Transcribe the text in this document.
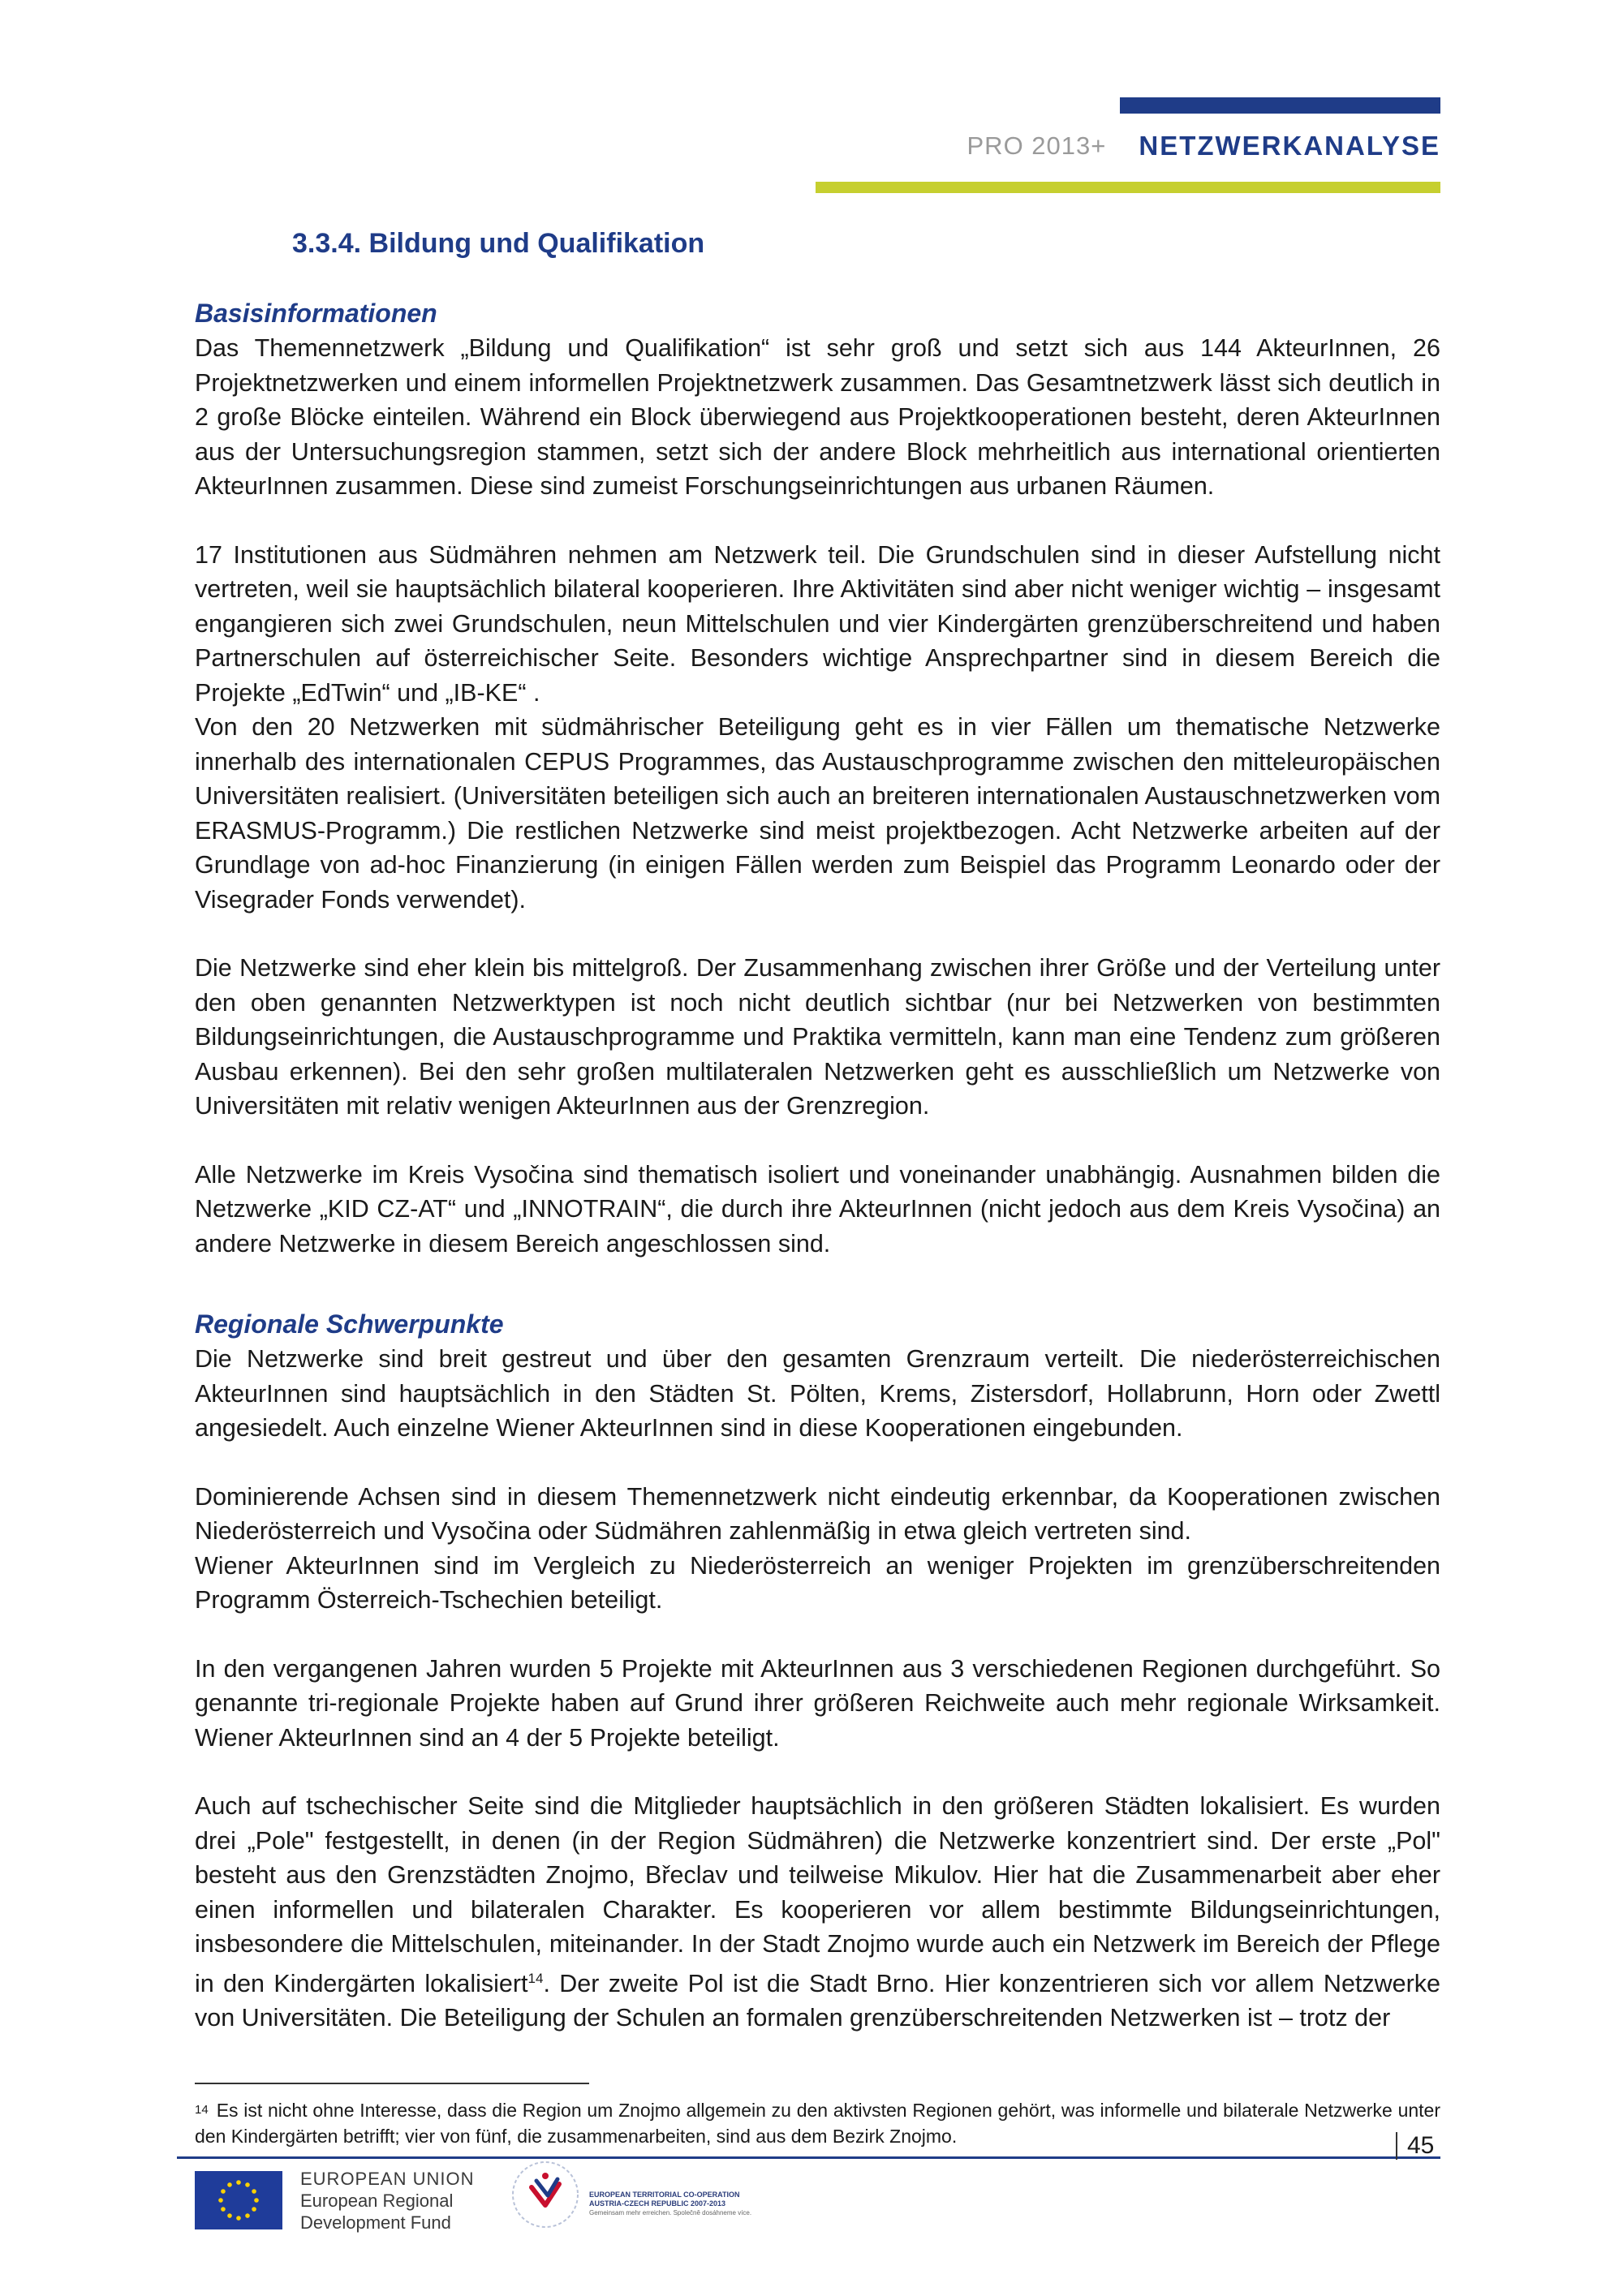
PRO 2013+ NETZWERKANALYSE
3.3.4. Bildung und Qualifikation
Basisinformationen

Das Themennetzwerk „Bildung und Qualifikation“ ist sehr groß und setzt sich aus 144 AkteurInnen, 26 Projektnetzwerken und einem informellen Projektnetzwerk zusammen. Das Gesamtnetzwerk lässt sich deutlich in 2 große Blöcke einteilen. Während ein Block überwiegend aus Projektkooperationen besteht, deren AkteurInnen aus der Untersuchungsregion stammen, setzt sich der andere Block mehrheitlich aus international orientierten AkteurInnen zusammen. Diese sind zumeist Forschungseinrichtungen aus urbanen Räumen.

17 Institutionen aus Südmähren nehmen am Netzwerk teil. Die Grundschulen sind in dieser Aufstellung nicht vertreten, weil sie hauptsächlich bilateral kooperieren. Ihre Aktivitäten sind aber nicht weniger wichtig – insgesamt engangieren sich zwei Grundschulen, neun Mittelschulen und vier Kindergärten grenzüberschreitend und haben Partnerschulen auf österreichischer Seite. Besonders wichtige Ansprechpartner sind in diesem Bereich die Projekte „EdTwin“ und „IB-KE“ .

Von den 20 Netzwerken mit südmährischer Beteiligung geht es in vier Fällen um thematische Netzwerke innerhalb des internationalen CEPUS Programmes, das Austauschprogramme zwischen den mitteleuropäischen Universitäten realisiert. (Universitäten beteiligen sich auch an breiteren internationalen Austauschnetzwerken vom ERASMUS-Programm.) Die restlichen Netzwerke sind meist projektbezogen. Acht Netzwerke arbeiten auf der Grundlage von ad-hoc Finanzierung (in einigen Fällen werden zum Beispiel das Programm Leonardo oder der Visegrader Fonds verwendet).

Die Netzwerke sind eher klein bis mittelgroß. Der Zusammenhang zwischen ihrer Größe und der Verteilung unter den oben genannten Netzwerktypen ist noch nicht deutlich sichtbar (nur bei Netzwerken von bestimmten Bildungseinrichtungen, die Austauschprogramme und Praktika vermitteln, kann man eine Tendenz zum größeren Ausbau erkennen). Bei den sehr großen multilateralen Netzwerken geht es ausschließlich um Netzwerke von Universitäten mit relativ wenigen AkteurInnen aus der Grenzregion.

Alle Netzwerke im Kreis Vysočina sind thematisch isoliert und voneinander unabhängig. Ausnahmen bilden die Netzwerke „KID CZ-AT“ und „INNOTRAIN“, die durch ihre AkteurInnen (nicht jedoch aus dem Kreis Vysočina) an andere Netzwerke in diesem Bereich angeschlossen sind.

Regionale Schwerpunkte

Die Netzwerke sind breit gestreut und über den gesamten Grenzraum verteilt. Die niederösterreichischen AkteurInnen sind hauptsächlich in den Städten St. Pölten, Krems, Zistersdorf, Hollabrunn, Horn oder Zwettl angesiedelt. Auch einzelne Wiener AkteurInnen sind in diese Kooperationen eingebunden.

Dominierende Achsen sind in diesem Themennetzwerk nicht eindeutig erkennbar, da Kooperationen zwischen Niederösterreich und Vysočina oder Südmähren zahlenmäßig in etwa gleich vertreten sind.

Wiener AkteurInnen sind im Vergleich zu Niederösterreich an weniger Projekten im grenzüberschreitenden Programm Österreich-Tschechien beteiligt.

In den vergangenen Jahren wurden 5 Projekte mit AkteurInnen aus 3 verschiedenen Regionen durchgeführt. So genannte tri-regionale Projekte haben auf Grund ihrer größeren Reichweite auch mehr regionale Wirksamkeit. Wiener AkteurInnen sind an 4 der 5 Projekte beteiligt.

Auch auf tschechischer Seite sind die Mitglieder hauptsächlich in den größeren Städten lokalisiert. Es wurden drei „Pole" festgestellt, in denen (in der Region Südmähren) die Netzwerke konzentriert sind. Der erste „Pol" besteht aus den Grenzstädten Znojmo, Břeclav und teilweise Mikulov. Hier hat die Zusammenarbeit aber eher einen informellen und bilateralen Charakter. Es kooperieren vor allem bestimmte Bildungseinrichtungen, insbesondere die Mittelschulen, miteinander. In der Stadt Znojmo wurde auch ein Netzwerk im Bereich der Pflege in den Kindergärten lokalisiert$^{14}$. Der zweite Pol ist die Stadt Brno. Hier konzentrieren sich vor allem Netzwerke von Universitäten. Die Beteiligung der Schulen an formalen grenzüberschreitenden Netzwerken ist – trotz der

$^{14}$ Es ist nicht ohne Interesse, dass die Region um Znojmo allgemein zu den aktivsten Regionen gehört, was informelle und bilaterale Netzwerke unter den Kindergärten betrifft; vier von fünf, die zusammenarbeiten, sind aus dem Bezirk Znojmo.

EUROPEAN UNION
European Regional
Development Fund
EUROPEAN TERRITORIAL CO-OPERATION
AUSTRIA-CZECH REPUBLIC 2007-2013
Gemeinsam mehr erreichen. Společně dosáhneme více.
45
